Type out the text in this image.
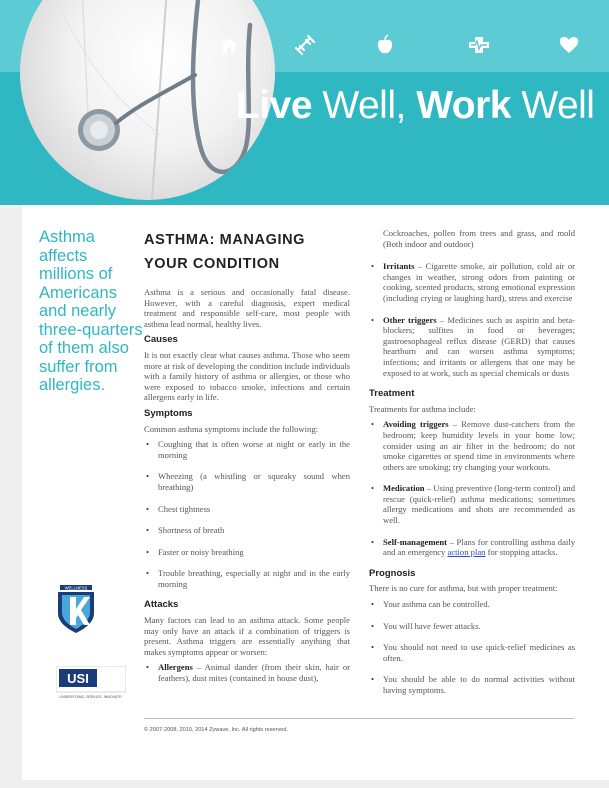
Live Well, Work Well
Asthma affects millions of Americans and nearly three-quarters of them also suffer from allergies.
WELLNESS
USI
UNDERSTAND. SERVICE. INNOVATE.
ASTHMA: MANAGING YOUR CONDITION

Asthma is a serious and occasionally fatal disease. However, with a careful diagnosis, expert medical treatment and responsible self-care, most people with asthma lead normal, healthy lives.

Causes

It is not exactly clear what causes asthma. Those who seem more at risk of developing the condition include individuals with a family history of asthma or allergies, or those who were exposed to tobacco smoke, infections and certain allergens early in life.

Symptoms

Common asthma symptoms include the following:

• Coughing that is often worse at night or early in the morning
• Wheezing (a whistling or squeaky sound when breathing)
• Chest tightness
• Shortness of breath
• Faster or noisy breathing
• Trouble breathing, especially at night and in the early morning
Attacks

Many factors can lead to an asthma attack. Some people may only have an attack if a combination of triggers is present. Asthma triggers are essentially anything that makes symptoms appear or worsen:

• Allergens – Animal dander (from their skin, hair or feathers), dust mites (contained in house dust),

Cockroaches, pollen from trees and grass, and mold (Both indoor and outdoor)

• Irritants – Cigarette smoke, air pollution, cold air or changes in weather, strong odors from painting or cooking, scented products, strong emotional expression (including crying or laughing hard), stress and exercise
• Other triggers – Medicines such as aspirin and beta-blockers; sulfites in food or beverages; gastroesophageal reflux disease (GERD) that causes heartburn and can worsen asthma symptoms; infections; and irritants or allergens that one may be exposed to at work, such as special chemicals or dusts
Treatment

Treatments for asthma include:

• Avoiding triggers – Remove dust-catchers from the bedroom; keep humidity levels in your home low; consider using an air filter in the bedroom; do not smoke cigarettes or spend time in environments where others are smoking; try changing your workouts.
• Medication – Using preventive (long-term control) and rescue (quick-relief) asthma medications; sometimes allergy medications and shots are recommended as well.
• Self-management – Plans for controlling asthma daily and an emergency action plan for stopping attacks.
Prognosis

There is no cure for asthma, but with proper treatment:

• Your asthma can be controlled.
• You will have fewer attacks.
• You should not need to use quick-relief medicines as often.
• You should be able to do normal activities without having symptoms.
© 2007-2008, 2010, 2014 Zywave, Inc. All rights reserved.
